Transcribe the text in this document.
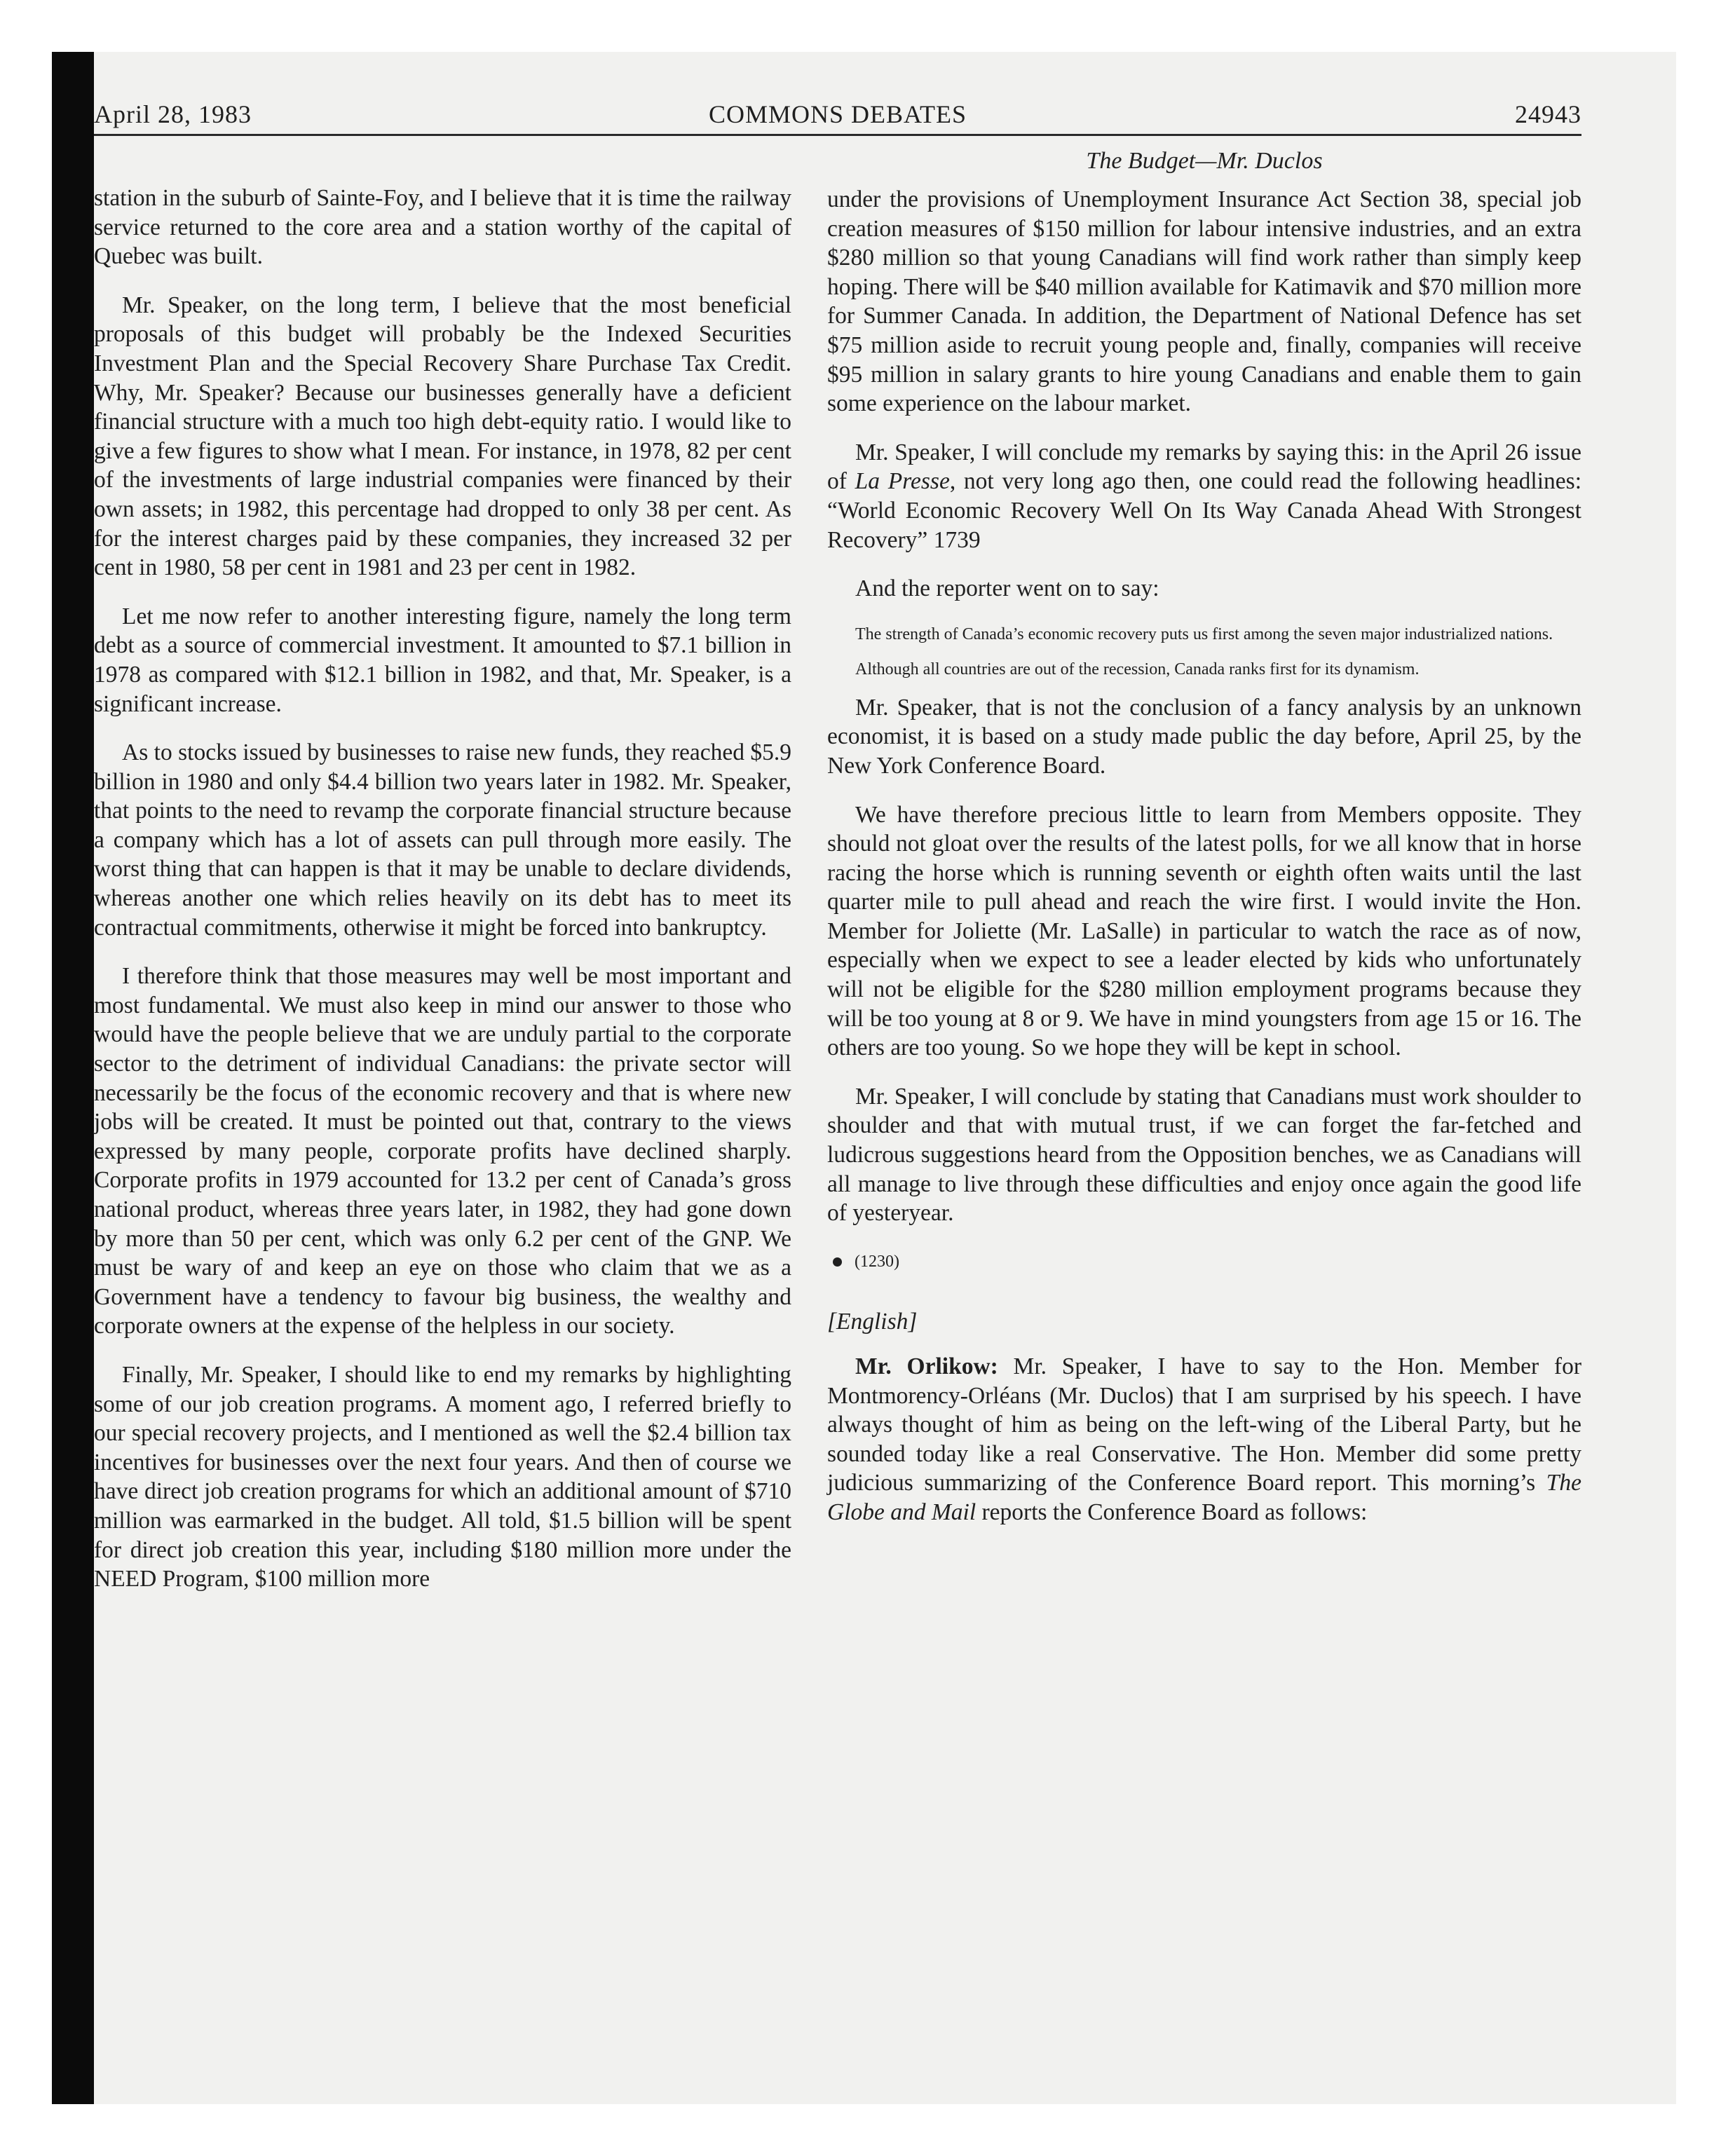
April 28, 1983	COMMONS DEBATES	24943

station in the suburb of Sainte-Foy, and I believe that it is time the railway service returned to the core area and a station worthy of the capital of Quebec was built.

Mr. Speaker, on the long term, I believe that the most beneficial proposals of this budget will probably be the Indexed Securities Investment Plan and the Special Recovery Share Purchase Tax Credit. Why, Mr. Speaker? Because our businesses generally have a deficient financial structure with a much too high debt-equity ratio. I would like to give a few figures to show what I mean. For instance, in 1978, 82 per cent of the investments of large industrial companies were financed by their own assets; in 1982, this percentage had dropped to only 38 per cent. As for the interest charges paid by these companies, they increased 32 per cent in 1980, 58 per cent in 1981 and 23 per cent in 1982.

Let me now refer to another interesting figure, namely the long term debt as a source of commercial investment. It amounted to $7.1 billion in 1978 as compared with $12.1 billion in 1982, and that, Mr. Speaker, is a significant increase.

As to stocks issued by businesses to raise new funds, they reached $5.9 billion in 1980 and only $4.4 billion two years later in 1982. Mr. Speaker, that points to the need to revamp the corporate financial structure because a company which has a lot of assets can pull through more easily. The worst thing that can happen is that it may be unable to declare dividends, whereas another one which relies heavily on its debt has to meet its contractual commitments, otherwise it might be forced into bankruptcy.

I therefore think that those measures may well be most important and most fundamental. We must also keep in mind our answer to those who would have the people believe that we are unduly partial to the corporate sector to the detriment of individual Canadians: the private sector will necessarily be the focus of the economic recovery and that is where new jobs will be created. It must be pointed out that, contrary to the views expressed by many people, corporate profits have declined sharply. Corporate profits in 1979 accounted for 13.2 per cent of Canada’s gross national product, whereas three years later, in 1982, they had gone down by more than 50 per cent, which was only 6.2 per cent of the GNP. We must be wary of and keep an eye on those who claim that we as a Government have a tendency to favour big business, the wealthy and corporate owners at the expense of the helpless in our society.

Finally, Mr. Speaker, I should like to end my remarks by highlighting some of our job creation programs. A moment ago, I referred briefly to our special recovery projects, and I mentioned as well the $2.4 billion tax incentives for businesses over the next four years. And then of course we have direct job creation programs for which an additional amount of $710 million was earmarked in the budget. All told, $1.5 billion will be spent for direct job creation this year, including $180 million more under the NEED Program, $100 million more

The Budget—Mr. Duclos

under the provisions of Unemployment Insurance Act Section 38, special job creation measures of $150 million for labour intensive industries, and an extra $280 million so that young Canadians will find work rather than simply keep hoping. There will be $40 million available for Katimavik and $70 million more for Summer Canada. In addition, the Department of National Defence has set $75 million aside to recruit young people and, finally, companies will receive $95 million in salary grants to hire young Canadians and enable them to gain some experience on the labour market.

Mr. Speaker, I will conclude my remarks by saying this: in the April 26 issue of La Presse, not very long ago then, one could read the following headlines: “World Economic Recovery Well On Its Way Canada Ahead With Strongest Recovery” 1739

And the reporter went on to say:

The strength of Canada’s economic recovery puts us first among the seven major industrialized nations.

Although all countries are out of the recession, Canada ranks first for its dynamism.

Mr. Speaker, that is not the conclusion of a fancy analysis by an unknown economist, it is based on a study made public the day before, April 25, by the New York Conference Board.

We have therefore precious little to learn from Members opposite. They should not gloat over the results of the latest polls, for we all know that in horse racing the horse which is running seventh or eighth often waits until the last quarter mile to pull ahead and reach the wire first. I would invite the Hon. Member for Joliette (Mr. LaSalle) in particular to watch the race as of now, especially when we expect to see a leader elected by kids who unfortunately will not be eligible for the $280 million employment programs because they will be too young at 8 or 9. We have in mind youngsters from age 15 or 16. The others are too young. So we hope they will be kept in school.

Mr. Speaker, I will conclude by stating that Canadians must work shoulder to shoulder and that with mutual trust, if we can forget the far-fetched and ludicrous suggestions heard from the Opposition benches, we as Canadians will all manage to live through these difficulties and enjoy once again the good life of yesteryear.

(1230)

[English]

Mr. Orlikow: Mr. Speaker, I have to say to the Hon. Member for Montmorency-Orléans (Mr. Duclos) that I am surprised by his speech. I have always thought of him as being on the left-wing of the Liberal Party, but he sounded today like a real Conservative. The Hon. Member did some pretty judicious summarizing of the Conference Board report. This morning’s The Globe and Mail reports the Conference Board as follows:
